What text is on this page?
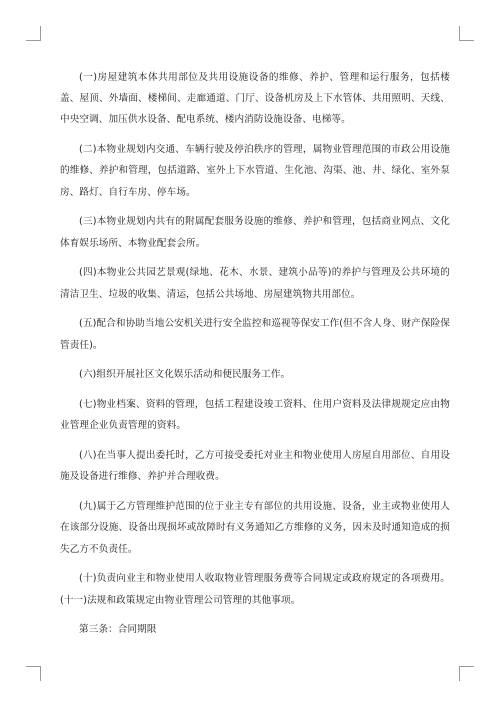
(一)房屋建筑本体共用部位及共用设施设备的维修、养护、管理和运行服务，包括楼盖、屋顶、外墙面、楼梯间、走廊通道、门厅、设备机房及上下水管体、共用照明、天线、中央空调、加压供水设备、配电系统、楼内消防设施设备、电梯等。

(二)本物业规划内交通、车辆行驶及停泊秩序的管理，属物业管理范围的市政公用设施的维修、养护和管理，包括道路、室外上下水管道、生化池、沟渠、池、井、绿化、室外泵房、路灯、自行车房、停车场。

(三)本物业规划内共有的附属配套服务设施的维修、养护和管理，包括商业网点、文化体育娱乐场所、本物业配套会所。

(四)本物业公共园艺景观(绿地、花木、水景、建筑小品等)的养护与管理及公共环境的清洁卫生、垃圾的收集、清运，包括公共场地、房屋建筑物共用部位。

(五)配合和协助当地公安机关进行安全监控和巡视等保安工作(但不含人身、财产保险保管责任)。

(六)组织开展社区文化娱乐活动和便民服务工作。

(七)物业档案、资料的管理，包括工程建设竣工资料、住用户资料及法律规规定应由物业管理企业负责管理的资料。

(八)在当事人提出委托时，乙方可接受委托对业主和物业使用人房屋自用部位、自用设施及设备进行维修、养护并合理收费。

(九)属于乙方管理维护范围的位于业主专有部位的共用设施、设备，业主或物业使用人在该部分设施、设备出现损坏或故障时有义务通知乙方维修的义务，因未及时通知造成的损失乙方不负责任。

(十)负责向业主和物业使用人收取物业管理服务费等合同规定或政府规定的各项费用。 (十一)法规和政策规定由物业管理公司管理的其他事项。

第三条：合同期限
